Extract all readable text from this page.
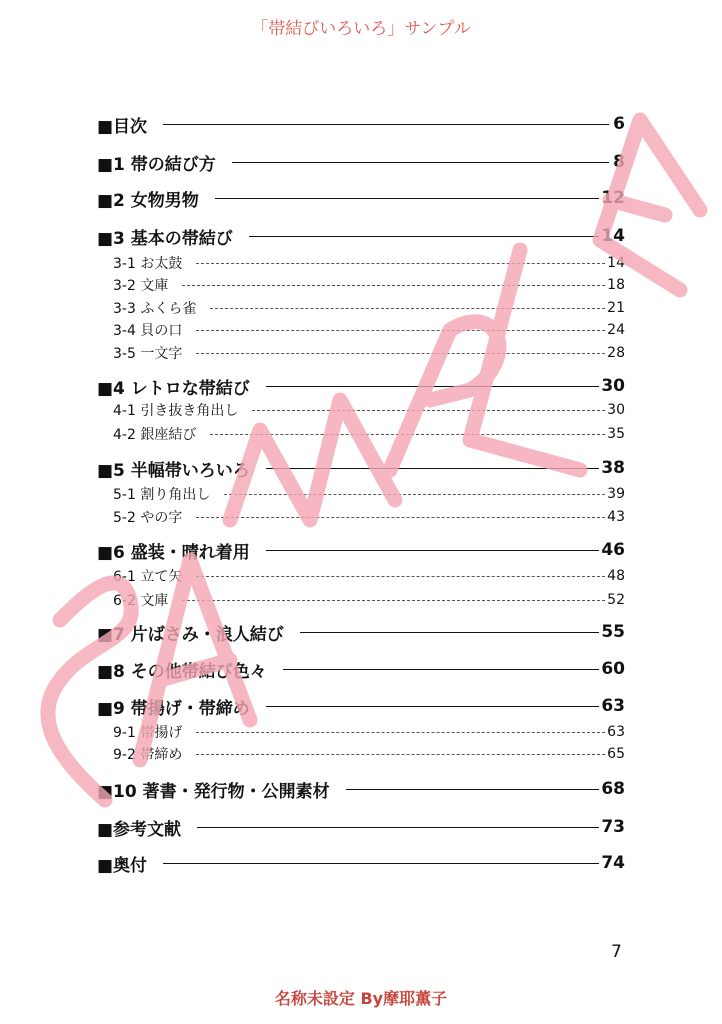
「帯結びいろいろ」サンプル
■目次	6
■1 帯の結び方	8
■2 女物男物	12
■3 基本の帯結び	14
3-1 お太鼓	14
3-2 文庫	18
3-3 ふくら雀	21
3-4 貝の口	24
3-5 一文字	28
■4 レトロな帯結び	30
4-1 引き抜き角出し	30
4-2 銀座結び	35
■5 半幅帯いろいろ	38
5-1 割り角出し	39
5-2 やの字	43
■6 盛装・晴れ着用	46
6-1 立て矢	48
6-2 文庫	52
■7 片ばさみ・浪人結び	55
■8 その他帯結び色々	60
■9 帯揚げ・帯締め	63
9-1 帯揚げ	63
9-2 帯締め	65
■10 著書・発行物・公開素材	68
■参考文献	73
■奥付	74
7
名称未設定 By摩耶薫子
